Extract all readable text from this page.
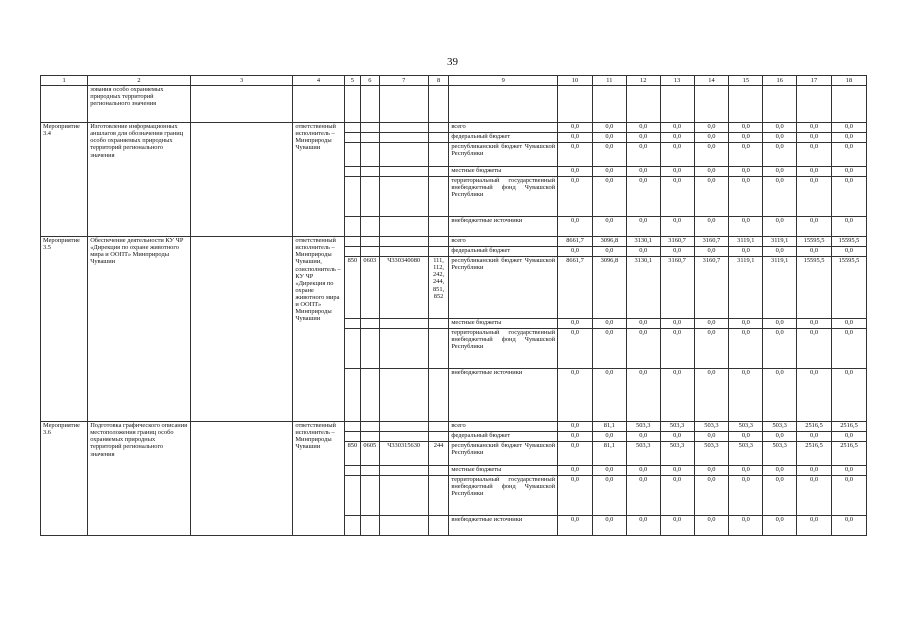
39
1	2	3	4	5	6	7	8	9	10	11	12	13	14	15	16	17	18
	зования особо охраняемых природных территорий регионального значения																
Мероприятие 3.4	Изготовление информационных аншлагов для обозначения границ особо охраняемых природных территорий регионального значения		ответственный исполнитель – Минприроды Чувашии					всего	0,0	0,0	0,0	0,0	0,0	0,0	0,0	0,0	0,0
								федеральный бюджет	0,0	0,0	0,0	0,0	0,0	0,0	0,0	0,0	0,0
								республиканский бюджет Чувашской Республики	0,0	0,0	0,0	0,0	0,0	0,0	0,0	0,0	0,0
								местные бюджеты	0,0	0,0	0,0	0,0	0,0	0,0	0,0	0,0	0,0
								территориальный государственный внебюджетный фонд Чувашской Республики	0,0	0,0	0,0	0,0	0,0	0,0	0,0	0,0	0,0
								внебюджетные источники	0,0	0,0	0,0	0,0	0,0	0,0	0,0	0,0	0,0
Мероприятие 3.5	Обеспечение деятельности КУ ЧР «Дирекция по охране животного мира и ООПТ» Минприроды Чувашии		ответственный исполнитель – Минприроды Чувашии, соисполнитель – КУ ЧР «Дирекция по охране животного мира и ООПТ» Минприроды Чувашии					всего	8661,7	3096,8	3130,1	3160,7	3160,7	3119,1	3119,1	15595,5	15595,5
								федеральный бюджет	0,0	0,0	0,0	0,0	0,0	0,0	0,0	0,0	0,0
				850	0603	Ч330340080	111, 112, 242, 244, 851, 852	республиканский бюджет Чувашской Республики	8661,7	3096,8	3130,1	3160,7	3160,7	3119,1	3119,1	15595,5	15595,5
								местные бюджеты	0,0	0,0	0,0	0,0	0,0	0,0	0,0	0,0	0,0
								территориальный государственный внебюджетный фонд Чувашской Республики	0,0	0,0	0,0	0,0	0,0	0,0	0,0	0,0	0,0
								внебюджетные источники	0,0	0,0	0,0	0,0	0,0	0,0	0,0	0,0	0,0
Мероприятие 3.6	Подготовка графического описания местоположения границ особо охраняемых природных территорий регионального значения		ответственный исполнитель – Минприроды Чувашии					всего	0,0	81,1	503,3	503,3	503,3	503,3	503,3	2516,5	2516,5
								федеральный бюджет	0,0	0,0	0,0	0,0	0,0	0,0	0,0	0,0	0,0
				850	0605	Ч330315630	244	республиканский бюджет Чувашской Республики	0,0	81,1	503,3	503,3	503,3	503,3	503,3	2516,5	2516,5
								местные бюджеты	0,0	0,0	0,0	0,0	0,0	0,0	0,0	0,0	0,0
								территориальный государственный внебюджетный фонд Чувашской Республики	0,0	0,0	0,0	0,0	0,0	0,0	0,0	0,0	0,0
								внебюджетные источники	0,0	0,0	0,0	0,0	0,0	0,0	0,0	0,0	0,0
